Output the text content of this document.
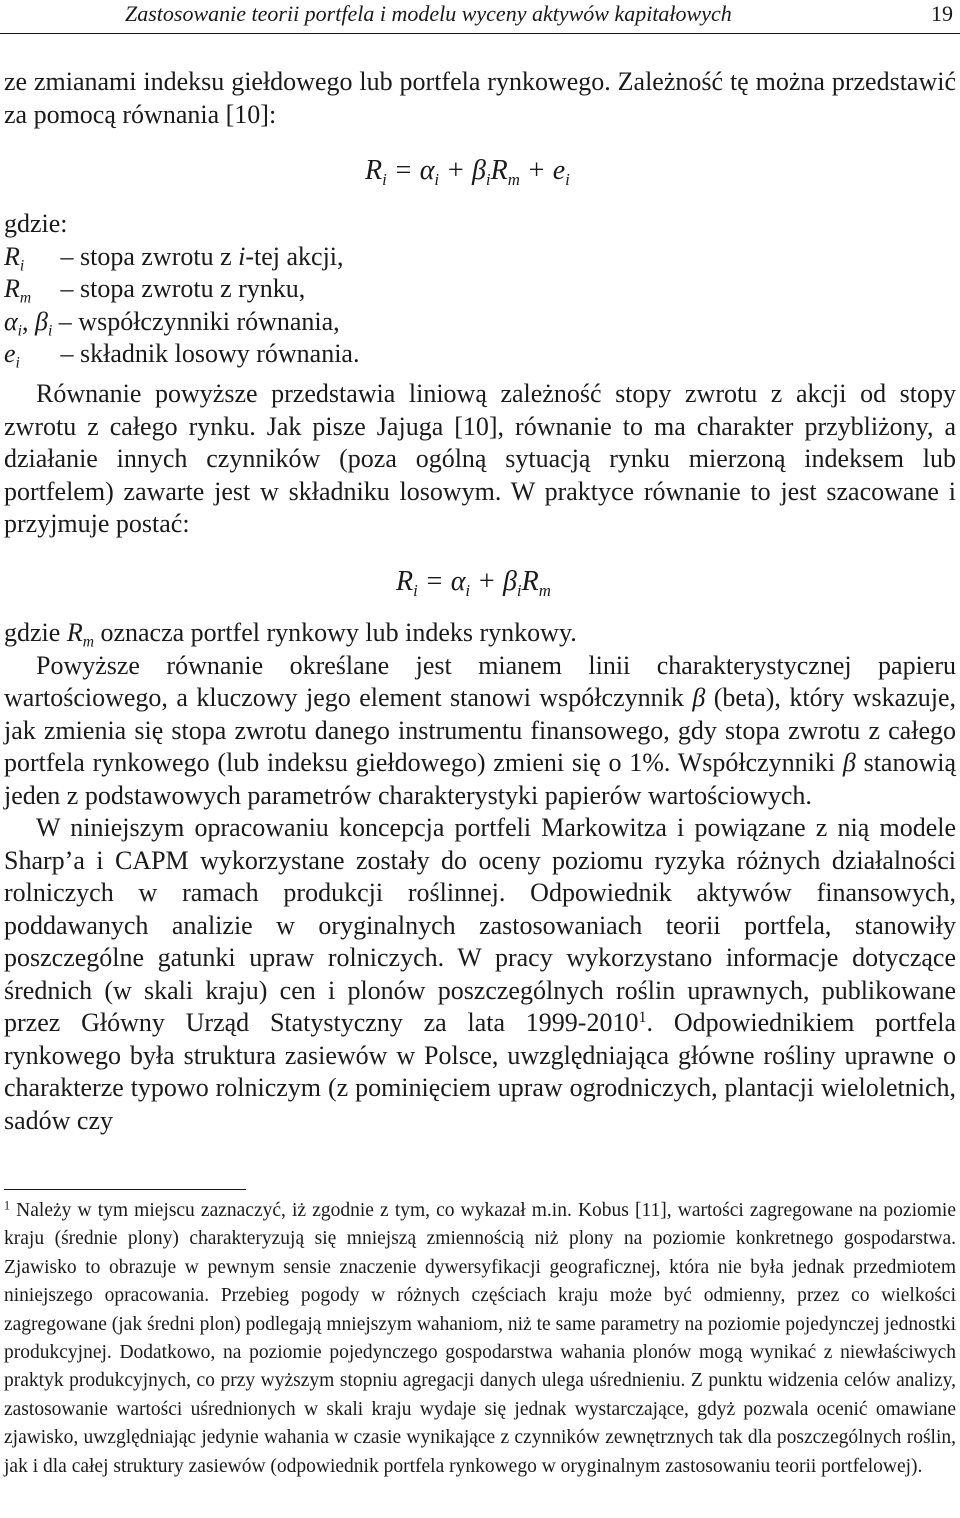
Zastosowanie teorii portfela i modelu wyceny aktywów kapitałowych	19

ze zmianami indeksu giełdowego lub portfela rynkowego. Zależność tę można przedstawić za pomocą równania [10]:

$R_i = \alpha_i + \beta_iR_m + e_i$
gdzie:
$R_i$ – stopa zwrotu z i-tej akcji,
$R_m$ – stopa zwrotu z rynku,
$\alpha_i$, $\beta_i$ – współczynniki równania,
$e_i$ – składnik losowy równania.

Równanie powyższe przedstawia liniową zależność stopy zwrotu z akcji od stopy zwrotu z całego rynku. Jak pisze Jajuga [10], równanie to ma charakter przybliżony, a działanie innych czynników (poza ogólną sytuacją rynku mierzoną indeksem lub portfelem) zawarte jest w składniku losowym. W praktyce równanie to jest szacowane i przyjmuje postać:

$R_i = \alpha_i + \beta_iR_m$

gdzie $R_m$ oznacza portfel rynkowy lub indeks rynkowy.

Powyższe równanie określane jest mianem linii charakterystycznej papieru wartościowego, a kluczowy jego element stanowi współczynnik β (beta), który wskazuje, jak zmienia się stopa zwrotu danego instrumentu finansowego, gdy stopa zwrotu z całego portfela rynkowego (lub indeksu giełdowego) zmieni się o 1%. Współczynniki β stanowią jeden z podstawowych parametrów charakterystyki papierów wartościowych.

W niniejszym opracowaniu koncepcja portfeli Markowitza i powiązane z nią modele Sharp’a i CAPM wykorzystane zostały do oceny poziomu ryzyka różnych działalności rolniczych w ramach produkcji roślinnej. Odpowiednik aktywów finansowych, poddawanych analizie w oryginalnych zastosowaniach teorii portfela, stanowiły poszczególne gatunki upraw rolniczych. W pracy wykorzystano informacje dotyczące średnich (w skali kraju) cen i plonów poszczególnych roślin uprawnych, publikowane przez Główny Urząd Statystyczny za lata 1999-2010$^1$. Odpowiednikiem portfela rynkowego była struktura zasiewów w Polsce, uwzględniająca główne rośliny uprawne o charakterze typowo rolniczym (z pominięciem upraw ogrodniczych, plantacji wieloletnich, sadów czy

$^1$ Należy w tym miejscu zaznaczyć, iż zgodnie z tym, co wykazał m.in. Kobus [11], wartości zagregowane na poziomie kraju (średnie plony) charakteryzują się mniejszą zmiennością niż plony na poziomie konkretnego gospodarstwa. Zjawisko to obrazuje w pewnym sensie znaczenie dywersyfikacji geograficznej, która nie była jednak przedmiotem niniejszego opracowania. Przebieg pogody w różnych częściach kraju może być odmienny, przez co wielkości zagregowane (jak średni plon) podlegają mniejszym wahaniom, niż te same parametry na poziomie pojedynczej jednostki produkcyjnej. Dodatkowo, na poziomie pojedynczego gospodarstwa wahania plonów mogą wynikać z niewłaściwych praktyk produkcyjnych, co przy wyższym stopniu agregacji danych ulega uśrednieniu. Z punktu widzenia celów analizy, zastosowanie wartości uśrednionych w skali kraju wydaje się jednak wystarczające, gdyż pozwala ocenić omawiane zjawisko, uwzględniając jedynie wahania w czasie wynikające z czynników zewnętrznych tak dla poszczególnych roślin, jak i dla całej struktury zasiewów (odpowiednik portfela rynkowego w oryginalnym zastosowaniu teorii portfelowej).
